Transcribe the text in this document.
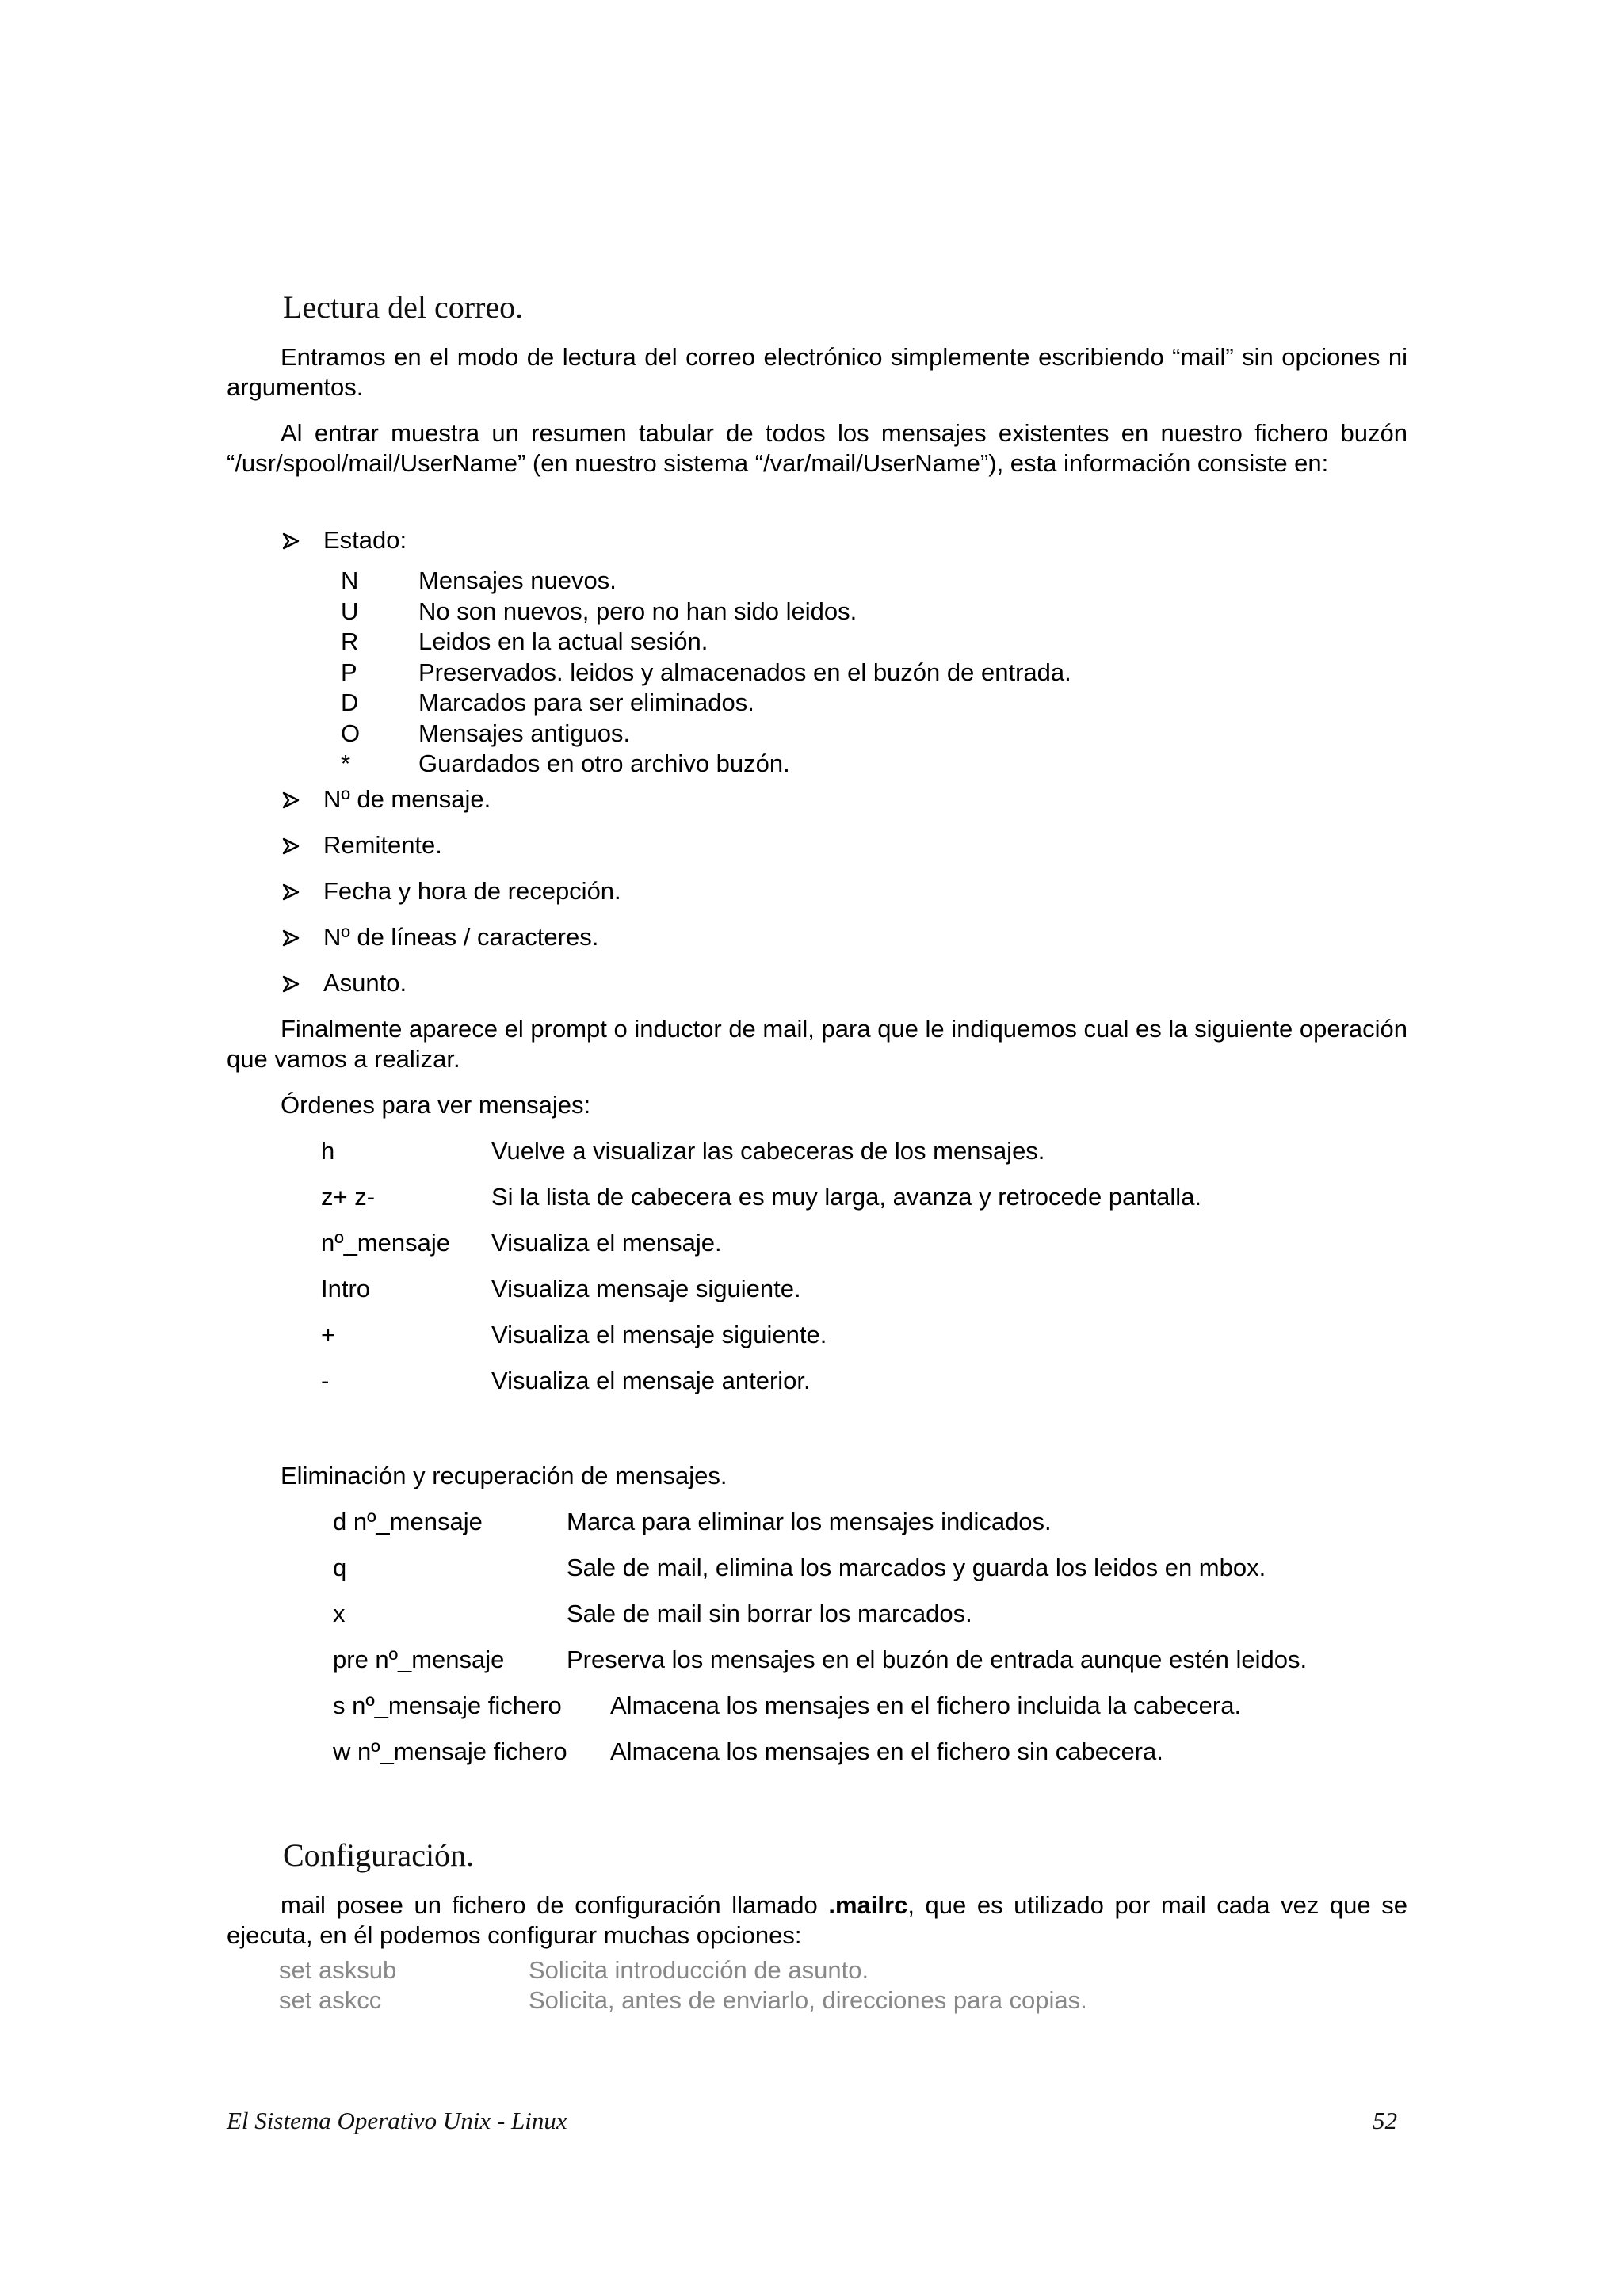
Lectura del correo.

Entramos en el modo de lectura del correo electrónico simplemente escribiendo “mail” sin opciones ni argumentos.

Al entrar muestra un resumen tabular de todos los mensajes existentes en nuestro fichero buzón “/usr/spool/mail/UserName” (en nuestro sistema “/var/mail/UserName”), esta información consiste en:

Estado:
N	Mensajes nuevos.
U	No son nuevos, pero no han sido leidos.
R	Leidos en la actual sesión.
P	Preservados. leidos y almacenados en el buzón de entrada.
D	Marcados para ser eliminados.
O	Mensajes antiguos.
*	Guardados en otro archivo buzón.
Nº de mensaje.
Remitente.
Fecha y hora de recepción.
Nº de líneas / caracteres.
Asunto.

Finalmente aparece el prompt o inductor de mail, para que le indiquemos cual es la siguiente operación que vamos a realizar.

Órdenes para ver mensajes:
h	Vuelve a visualizar las cabeceras de los mensajes.
z+ z-	Si la lista de cabecera es muy larga, avanza y retrocede pantalla.
nº_mensaje Visualiza el mensaje.
Intro	Visualiza mensaje siguiente.
+	Visualiza el mensaje siguiente.
-	Visualiza el mensaje anterior.
Eliminación y recuperación de mensajes.
d nº_mensaje	Marca para eliminar los mensajes indicados.
q	Sale de mail, elimina los marcados y guarda los leidos en mbox.
x	Sale de mail sin borrar los marcados.
pre nº_mensaje	Preserva los mensajes en el buzón de entrada aunque estén leidos.
s nº_mensaje fichero Almacena los mensajes en el fichero incluida la cabecera.
w nº_mensaje fichero Almacena los mensajes en el fichero sin cabecera.
Configuración.

mail posee un fichero de configuración llamado .mailrc, que es utilizado por mail cada vez que se ejecuta, en él podemos configurar muchas opciones:

set asksub	Solicita introducción de asunto.
set askcc	Solicita, antes de enviarlo, direcciones para copias.
El Sistema Operativo Unix - Linux	52
